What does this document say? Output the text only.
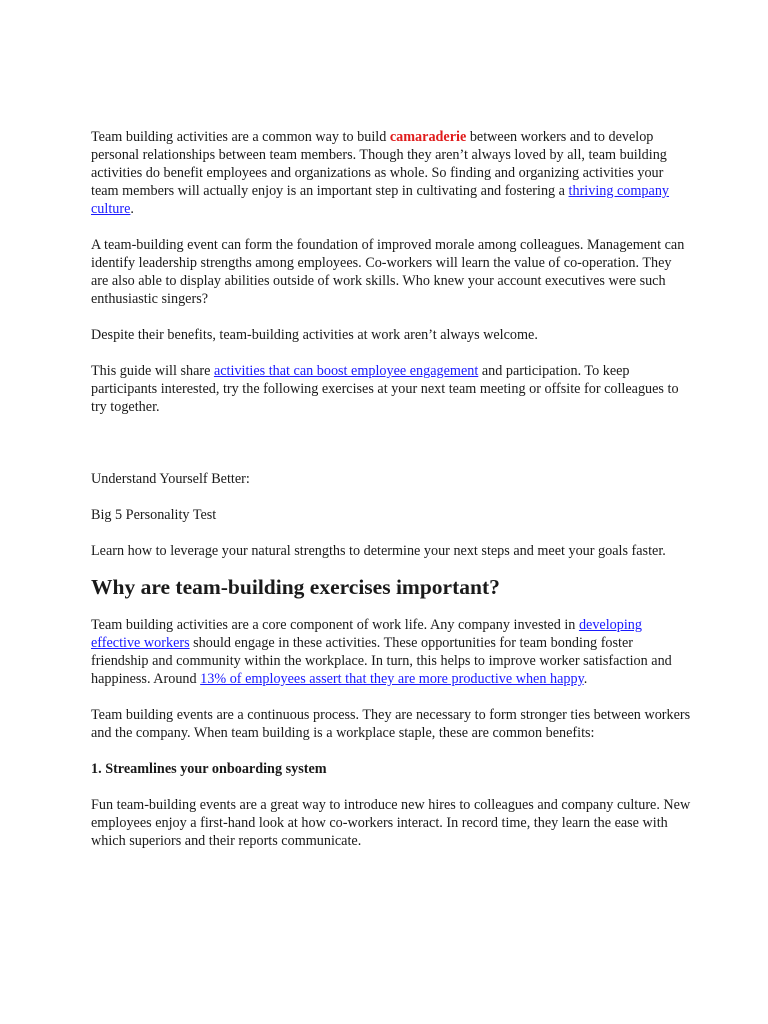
Team building activities are a common way to build camaraderie between workers and to develop personal relationships between team members. Though they aren’t always loved by all, team building activities do benefit employees and organizations as whole. So finding and organizing activities your team members will actually enjoy is an important step in cultivating and fostering a thriving company culture.

A team-building event can form the foundation of improved morale among colleagues. Management can identify leadership strengths among employees. Co-workers will learn the value of co-operation. They are also able to display abilities outside of work skills. Who knew your account executives were such enthusiastic singers?

Despite their benefits, team-building activities at work aren’t always welcome.

This guide will share activities that can boost employee engagement and participation. To keep participants interested, try the following exercises at your next team meeting or offsite for colleagues to try together.

Understand Yourself Better:

Big 5 Personality Test

Learn how to leverage your natural strengths to determine your next steps and meet your goals faster.

Why are team-building exercises important?

Team building activities are a core component of work life. Any company invested in developing effective workers should engage in these activities. These opportunities for team bonding foster friendship and community within the workplace. In turn, this helps to improve worker satisfaction and happiness. Around 13% of employees assert that they are more productive when happy.

Team building events are a continuous process. They are necessary to form stronger ties between workers and the company. When team building is a workplace staple, these are common benefits:

1. Streamlines your onboarding system

Fun team-building events are a great way to introduce new hires to colleagues and company culture. New employees enjoy a first-hand look at how co-workers interact. In record time, they learn the ease with which superiors and their reports communicate.
